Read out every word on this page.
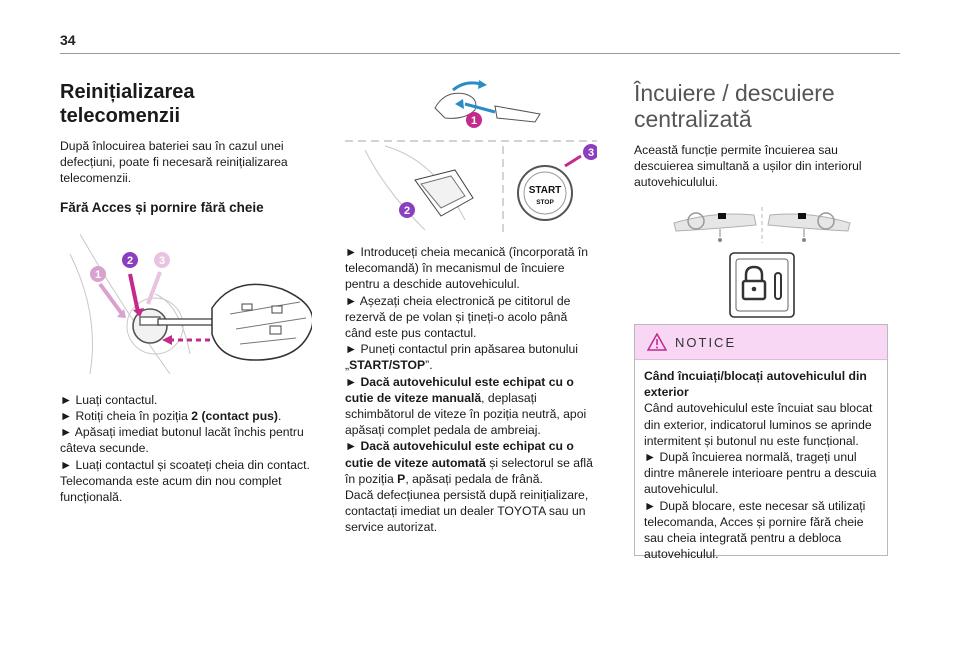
34
Reinițializarea telecomenzii

După înlocuirea bateriei sau în cazul unei defecțiuni, poate fi necesară reinițializarea telecomenzii.

Fără Acces și pornire fără cheie
1
2 3

► Luați contactul.

► Rotiți cheia în poziția 2 (contact pus).

► Apăsați imediat butonul lacăt închis pentru câteva secunde.

► Luați contactul și scoateți cheia din contact.

Telecomanda este acum din nou complet funcțională.

1
2
START
STOP
3

► Introduceți cheia mecanică (încorporată în telecomandă) în mecanismul de încuiere pentru a deschide autovehiculul.

► Așezați cheia electronică pe cititorul de rezervă de pe volan și țineți-o acolo până când este pus contactul.

► Puneți contactul prin apăsarea butonului „START/STOP”.

► Dacă autovehiculul este echipat cu o cutie de viteze manuală, deplasați schimbătorul de viteze în poziția neutră, apoi apăsați complet pedala de ambreiaj.

► Dacă autovehiculul este echipat cu o cutie de viteze automată și selectorul se află în poziția P, apăsați pedala de frână.

Dacă defecțiunea persistă după reinițializare, contactați imediat un dealer TOYOTA sau un service autorizat.

Încuiere / descuiere
centralizată

Această funcție permite încuierea sau descuierea simultană a ușilor din interiorul autovehiculului.

NOTICE

Când încuiați/blocați autovehiculul din exterior

Când autovehiculul este încuiat sau blocat din exterior, indicatorul luminos se aprinde intermitent și butonul nu este funcțional.

► După încuierea normală, trageți unul dintre mânerele interioare pentru a descuia autovehiculul.

► După blocare, este necesar să utilizați telecomanda, Acces și pornire fără cheie sau cheia integrată pentru a debloca autovehiculul.
